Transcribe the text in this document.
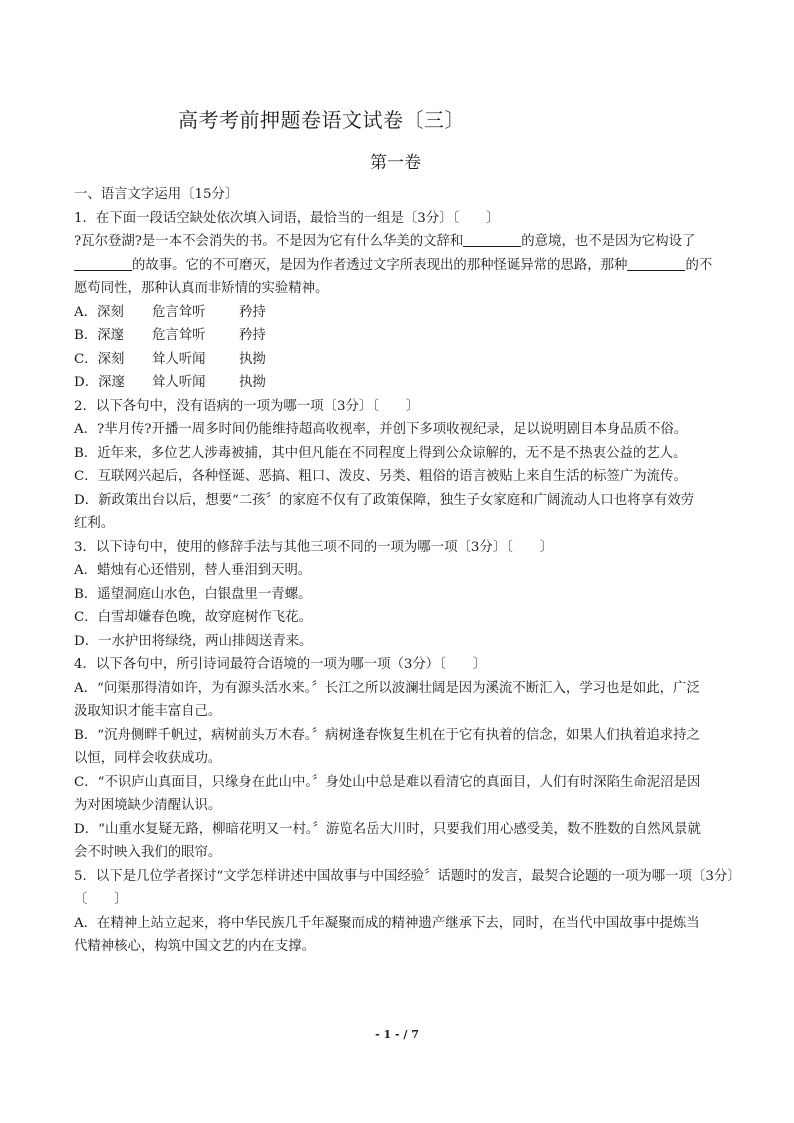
高考考前押题卷语文试卷〔三〕
第一卷
一、语言文字运用〔15分〕
1．在下面一段话空缺处依次填入词语，最恰当的一组是〔3分〕〔　　〕
?瓦尔登湖?是一本不会消失的书。不是因为它有什么华美的文辞和	的意境，也不是因为它构设了
的故事。它的不可磨灭，是因为作者透过文字所表现出的那种怪诞异常的思路，那种	的不
愿苟同性，那种认真而非矫情的实验精神。
A．深刻 危言耸听 矜持
B．深邃 危言耸听 矜持
C．深刻 耸人听闻 执拗
D．深邃 耸人听闻 执拗
2．以下各句中，没有语病的一项为哪一项〔3分〕〔　　〕
A．?芈月传?开播一周多时间仍能维持超高收视率，并创下多项收视纪录，足以说明剧目本身品质不俗。
B．近年来，多位艺人涉毒被捕，其中但凡能在不同程度上得到公众谅解的，无不是不热衷公益的艺人。
C．互联网兴起后，各种怪诞、恶搞、粗口、泼皮、另类、粗俗的语言被贴上来自生活的标签广为流传。
D．新政策出台以后，想要“二孩〞的家庭不仅有了政策保障，独生子女家庭和广阔流动人口也将享有效劳
红利。
3．以下诗句中，使用的修辞手法与其他三项不同的一项为哪一项〔3分〕〔　　〕
A．蜡烛有心还惜别，替人垂泪到天明。
B．遥望洞庭山水色，白银盘里一青螺。
C．白雪却嫌春色晚，故穿庭树作飞花。
D．一水护田将绿绕，两山排闼送青来。
4．以下各句中，所引诗词最符合语境的一项为哪一项（3分）〔　　〕
A．“问渠那得清如许，为有源头活水来。〞长江之所以波澜壮阔是因为溪流不断汇入，学习也是如此，广泛
汲取知识才能丰富自己。
B．“沉舟侧畔千帆过，病树前头万木春。〞病树逢春恢复生机在于它有执着的信念，如果人们执着追求持之
以恒，同样会收获成功。
C．“不识庐山真面目，只缘身在此山中。〞身处山中总是难以看清它的真面目，人们有时深陷生命泥沼是因
为对困境缺少清醒认识。
D．“山重水复疑无路，柳暗花明又一村。〞游览名岳大川时，只要我们用心感受美，数不胜数的自然风景就
会不时映入我们的眼帘。
5．以下是几位学者探讨“文学怎样讲述中国故事与中国经验〞话题时的发言，最契合论题的一项为哪一项〔3分〕
〔　　〕
A．在精神上站立起来，将中华民族几千年凝聚而成的精神遗产继承下去，同时，在当代中国故事中提炼当
代精神核心，构筑中国文艺的内在支撑。
- 1 - / 7
